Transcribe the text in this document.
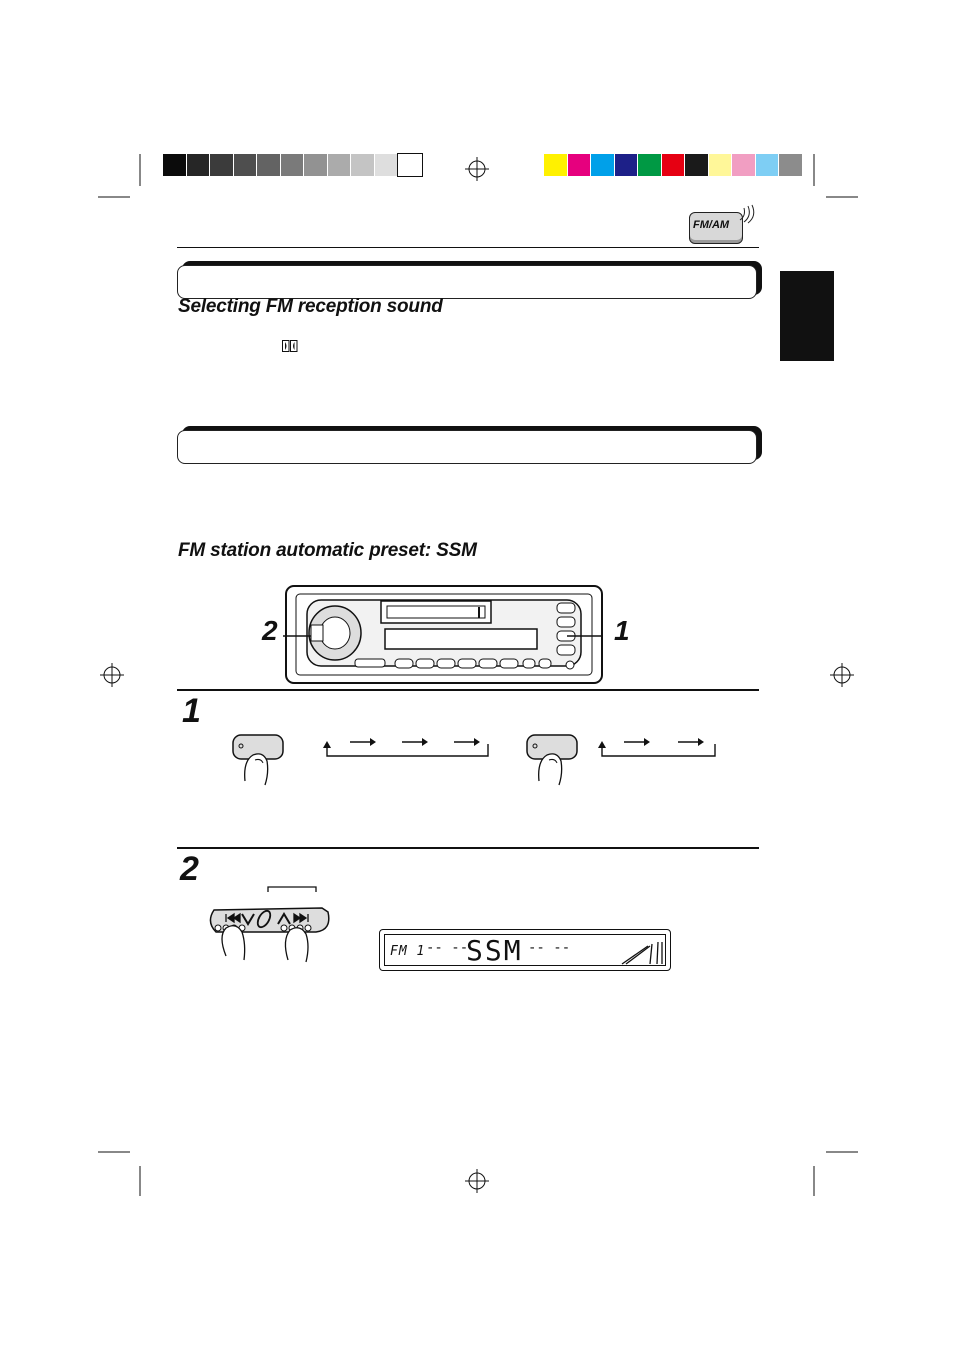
FM/AM
Selecting FM reception sound
FM station automatic preset: SSM
2	1
1
2
FM 1 -- --
SSM -- --
